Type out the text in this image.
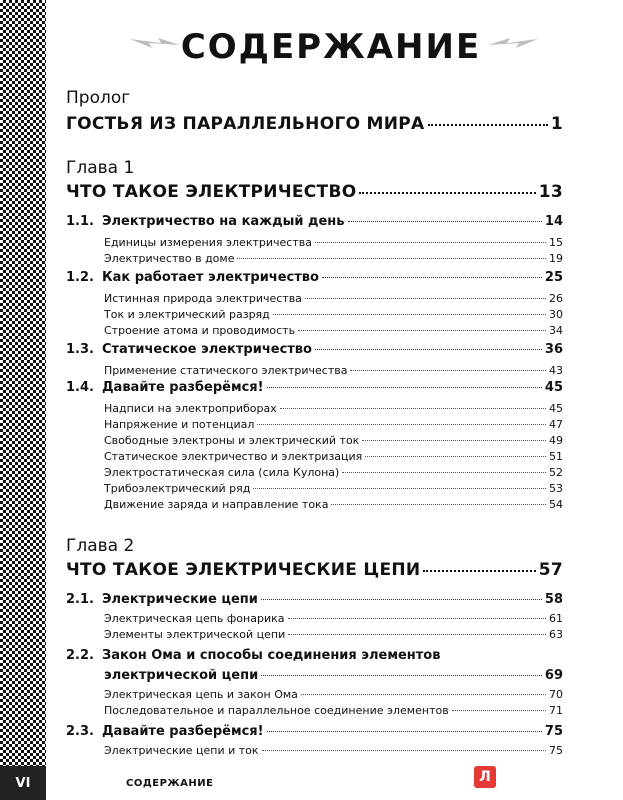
VI
СОДЕРЖАНИЕ
Пролог
ГОСТЬЯ ИЗ ПАРАЛЛЕЛЬНОГО МИРА	1
Глава 1
ЧТО ТАКОЕ ЭЛЕКТРИЧЕСТВО	13
1.1. Электричество на каждый день	14
Единицы измерения электричества	15
Электричество в доме	19
1.2. Как работает электричество	25
Истинная природа электричества	26
Ток и электрический разряд	30
Строение атома и проводимость	34
1.3. Статическое электричество	36
Применение статического электричества	43
1.4. Давайте разберёмся!	45
Надписи на электроприборах	45
Напряжение и потенциал	47
Свободные электроны и электрический ток	49
Статическое электричество и электризация	51
Электростатическая сила (сила Кулона)	52
Трибоэлектрический ряд	53
Движение заряда и направление тока	54
Глава 2
ЧТО ТАКОЕ ЭЛЕКТРИЧЕСКИЕ ЦЕПИ	57
2.1. Электрические цепи	58
Электрическая цепь фонарика	61
Элементы электрической цепи	63
2.2. Закон Ома и способы соединения элементов
электрической цепи	69
Электрическая цепь и закон Ома	70
Последовательное и параллельное соединение элементов	71
2.3. Давайте разберёмся!	75
Электрические цепи и ток	75
СОДЕРЖАНИЕ	Л
